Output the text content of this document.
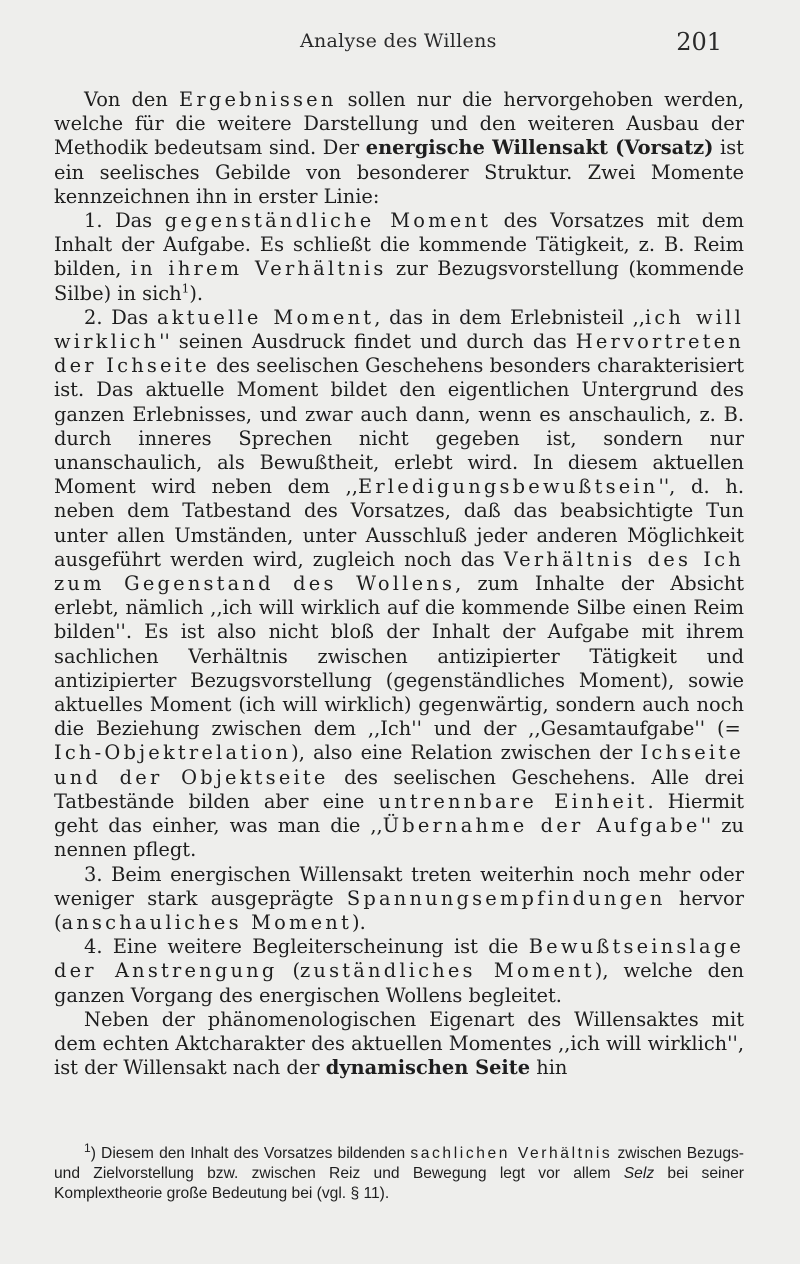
Analyse des Willens	201

Von den Ergebnissen sollen nur die hervorgehoben werden, welche für die weitere Darstellung und den weiteren Ausbau der Methodik bedeutsam sind. Der energische Willensakt (Vorsatz) ist ein seelisches Gebilde von besonderer Struktur. Zwei Momente kennzeichnen ihn in erster Linie:

1. Das gegenständliche Moment des Vorsatzes mit dem Inhalt der Aufgabe. Es schließt die kommende Tätigkeit, z. B. Reim bilden, in ihrem Verhältnis zur Bezugsvorstellung (kommende Silbe) in sich$^1$).

2. Das aktuelle Moment, das in dem Erlebnisteil ,,ich will wirklich'' seinen Ausdruck findet und durch das Hervortreten der Ichseite des seelischen Geschehens besonders charakterisiert ist. Das aktuelle Moment bildet den eigentlichen Untergrund des ganzen Erlebnisses, und zwar auch dann, wenn es anschaulich, z. B. durch inneres Sprechen nicht gegeben ist, sondern nur unanschaulich, als Bewußtheit, erlebt wird. In diesem aktuellen Moment wird neben dem ,,Erledigungsbewußtsein'', d. h. neben dem Tatbestand des Vorsatzes, daß das beabsichtigte Tun unter allen Umständen, unter Ausschluß jeder anderen Möglichkeit ausgeführt werden wird, zugleich noch das Verhältnis des Ich zum Gegenstand des Wollens, zum Inhalte der Absicht erlebt, nämlich ,,ich will wirklich auf die kommende Silbe einen Reim bilden''. Es ist also nicht bloß der Inhalt der Aufgabe mit ihrem sachlichen Verhältnis zwischen antizipierter Tätigkeit und antizipierter Bezugsvorstellung (gegenständliches Moment), sowie aktuelles Moment (ich will wirklich) gegenwärtig, sondern auch noch die Beziehung zwischen dem ,,Ich'' und der ,,Gesamtaufgabe'' (= Ich-Objektrelation), also eine Relation zwischen der Ichseite und der Objektseite des seelischen Geschehens. Alle drei Tatbestände bilden aber eine untrennbare Einheit. Hiermit geht das einher, was man die ,,Übernahme der Aufgabe'' zu nennen pflegt.

3. Beim energischen Willensakt treten weiterhin noch mehr oder weniger stark ausgeprägte Spannungsempfindungen hervor (anschauliches Moment).

4. Eine weitere Begleiterscheinung ist die Bewußtseinslage der Anstrengung (zuständliches Moment), welche den ganzen Vorgang des energischen Wollens begleitet.

Neben der phänomenologischen Eigenart des Willensaktes mit dem echten Aktcharakter des aktuellen Momentes ,,ich will wirklich'', ist der Willensakt nach der dynamischen Seite hin

$^1$) Diesem den Inhalt des Vorsatzes bildenden sachlichen Verhältnis zwischen Bezugs- und Zielvorstellung bzw. zwischen Reiz und Bewegung legt vor allem Selz bei seiner Komplextheorie große Bedeutung bei (vgl. § 11).
